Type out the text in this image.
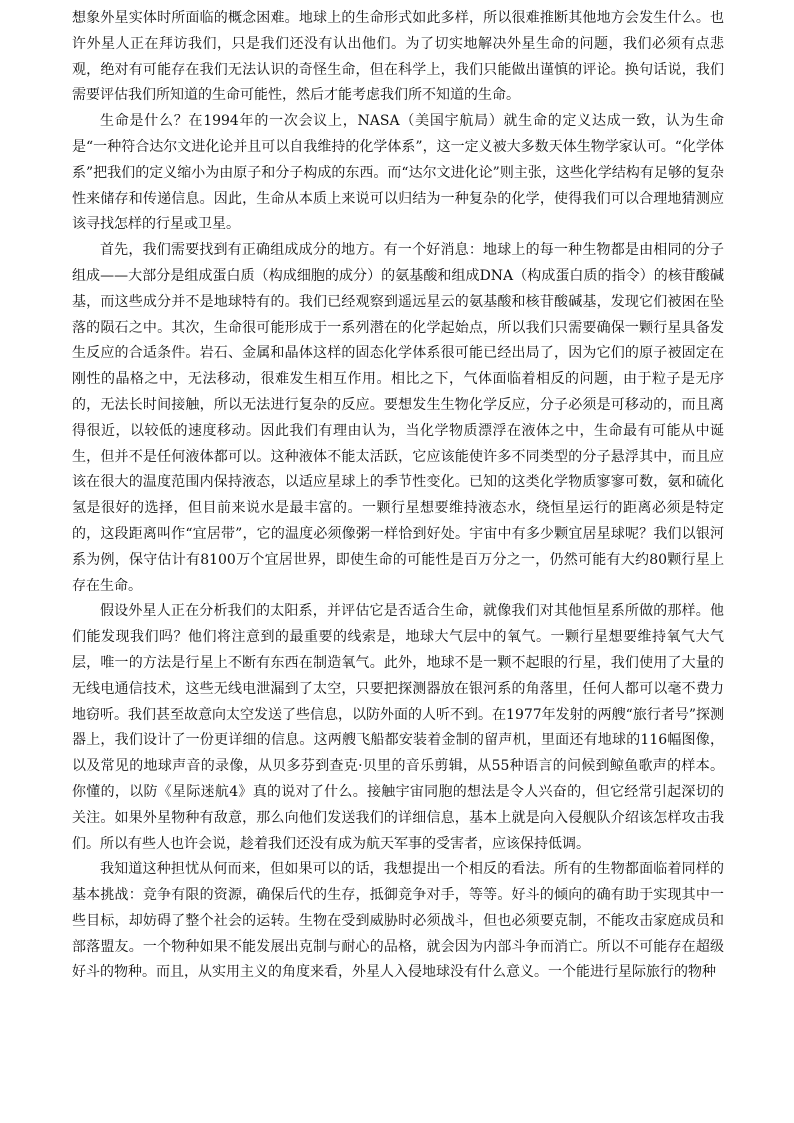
想象外星实体时所面临的概念困难。地球上的生命形式如此多样，所以很难推断其他地方会发生什么。也许外星人正在拜访我们，只是我们还没有认出他们。为了切实地解决外星生命的问题，我们必须有点悲观，绝对有可能存在我们无法认识的奇怪生命，但在科学上，我们只能做出谨慎的评论。换句话说，我们需要评估我们所知道的生命可能性，然后才能考虑我们所不知道的生命。

生命是什么？在1994年的一次会议上，NASA（美国宇航局）就生命的定义达成一致，认为生命是“一种符合达尔文进化论并且可以自我维持的化学体系”，这一定义被大多数天体生物学家认可。“化学体系”把我们的定义缩小为由原子和分子构成的东西。而“达尔文进化论”则主张，这些化学结构有足够的复杂性来储存和传递信息。因此，生命从本质上来说可以归结为一种复杂的化学，使得我们可以合理地猜测应该寻找怎样的行星或卫星。

首先，我们需要找到有正确组成成分的地方。有一个好消息：地球上的每一种生物都是由相同的分子组成——大部分是组成蛋白质（构成细胞的成分）的氨基酸和组成DNA（构成蛋白质的指令）的核苷酸碱基，而这些成分并不是地球特有的。我们已经观察到遥远星云的氨基酸和核苷酸碱基，发现它们被困在坠落的陨石之中。其次，生命很可能形成于一系列潜在的化学起始点，所以我们只需要确保一颗行星具备发生反应的合适条件。岩石、金属和晶体这样的固态化学体系很可能已经出局了，因为它们的原子被固定在刚性的晶格之中，无法移动，很难发生相互作用。相比之下，气体面临着相反的问题，由于粒子是无序的，无法长时间接触，所以无法进行复杂的反应。要想发生生物化学反应，分子必须是可移动的，而且离得很近，以较低的速度移动。因此我们有理由认为，当化学物质漂浮在液体之中，生命最有可能从中诞生，但并不是任何液体都可以。这种液体不能太活跃，它应该能使许多不同类型的分子悬浮其中，而且应该在很大的温度范围内保持液态，以适应星球上的季节性变化。已知的这类化学物质寥寥可数，氨和硫化氢是很好的选择，但目前来说水是最丰富的。一颗行星想要维持液态水，绕恒星运行的距离必须是特定的，这段距离叫作“宜居带”，它的温度必须像粥一样恰到好处。宇宙中有多少颗宜居星球呢？我们以银河系为例，保守估计有8100万个宜居世界，即使生命的可能性是百万分之一，仍然可能有大约80颗行星上存在生命。

假设外星人正在分析我们的太阳系，并评估它是否适合生命，就像我们对其他恒星系所做的那样。他们能发现我们吗？他们将注意到的最重要的线索是，地球大气层中的氧气。一颗行星想要维持氧气大气层，唯一的方法是行星上不断有东西在制造氧气。此外，地球不是一颗不起眼的行星，我们使用了大量的无线电通信技术，这些无线电泄漏到了太空，只要把探测器放在银河系的角落里，任何人都可以毫不费力地窃听。我们甚至故意向太空发送了些信息，以防外面的人听不到。在1977年发射的两艘“旅行者号”探测器上，我们设计了一份更详细的信息。这两艘飞船都安装着金制的留声机，里面还有地球的116幅图像，以及常见的地球声音的录像，从贝多芬到查克·贝里的音乐剪辑，从55种语言的问候到鲸鱼歌声的样本。你懂的，以防《星际迷航4》真的说对了什么。接触宇宙同胞的想法是令人兴奋的，但它经常引起深切的关注。如果外星物种有敌意，那么向他们发送我们的详细信息，基本上就是向入侵舰队介绍该怎样攻击我们。所以有些人也许会说，趁着我们还没有成为航天军事的受害者，应该保持低调。

我知道这种担忧从何而来，但如果可以的话，我想提出一个相反的看法。所有的生物都面临着同样的基本挑战：竞争有限的资源，确保后代的生存，抵御竞争对手，等等。好斗的倾向的确有助于实现其中一些目标，却妨碍了整个社会的运转。生物在受到威胁时必须战斗，但也必须要克制，不能攻击家庭成员和部落盟友。一个物种如果不能发展出克制与耐心的品格，就会因为内部斗争而消亡。所以不可能存在超级好斗的物种。而且，从实用主义的角度来看，外星人入侵地球没有什么意义。一个能进行星际旅行的物种
